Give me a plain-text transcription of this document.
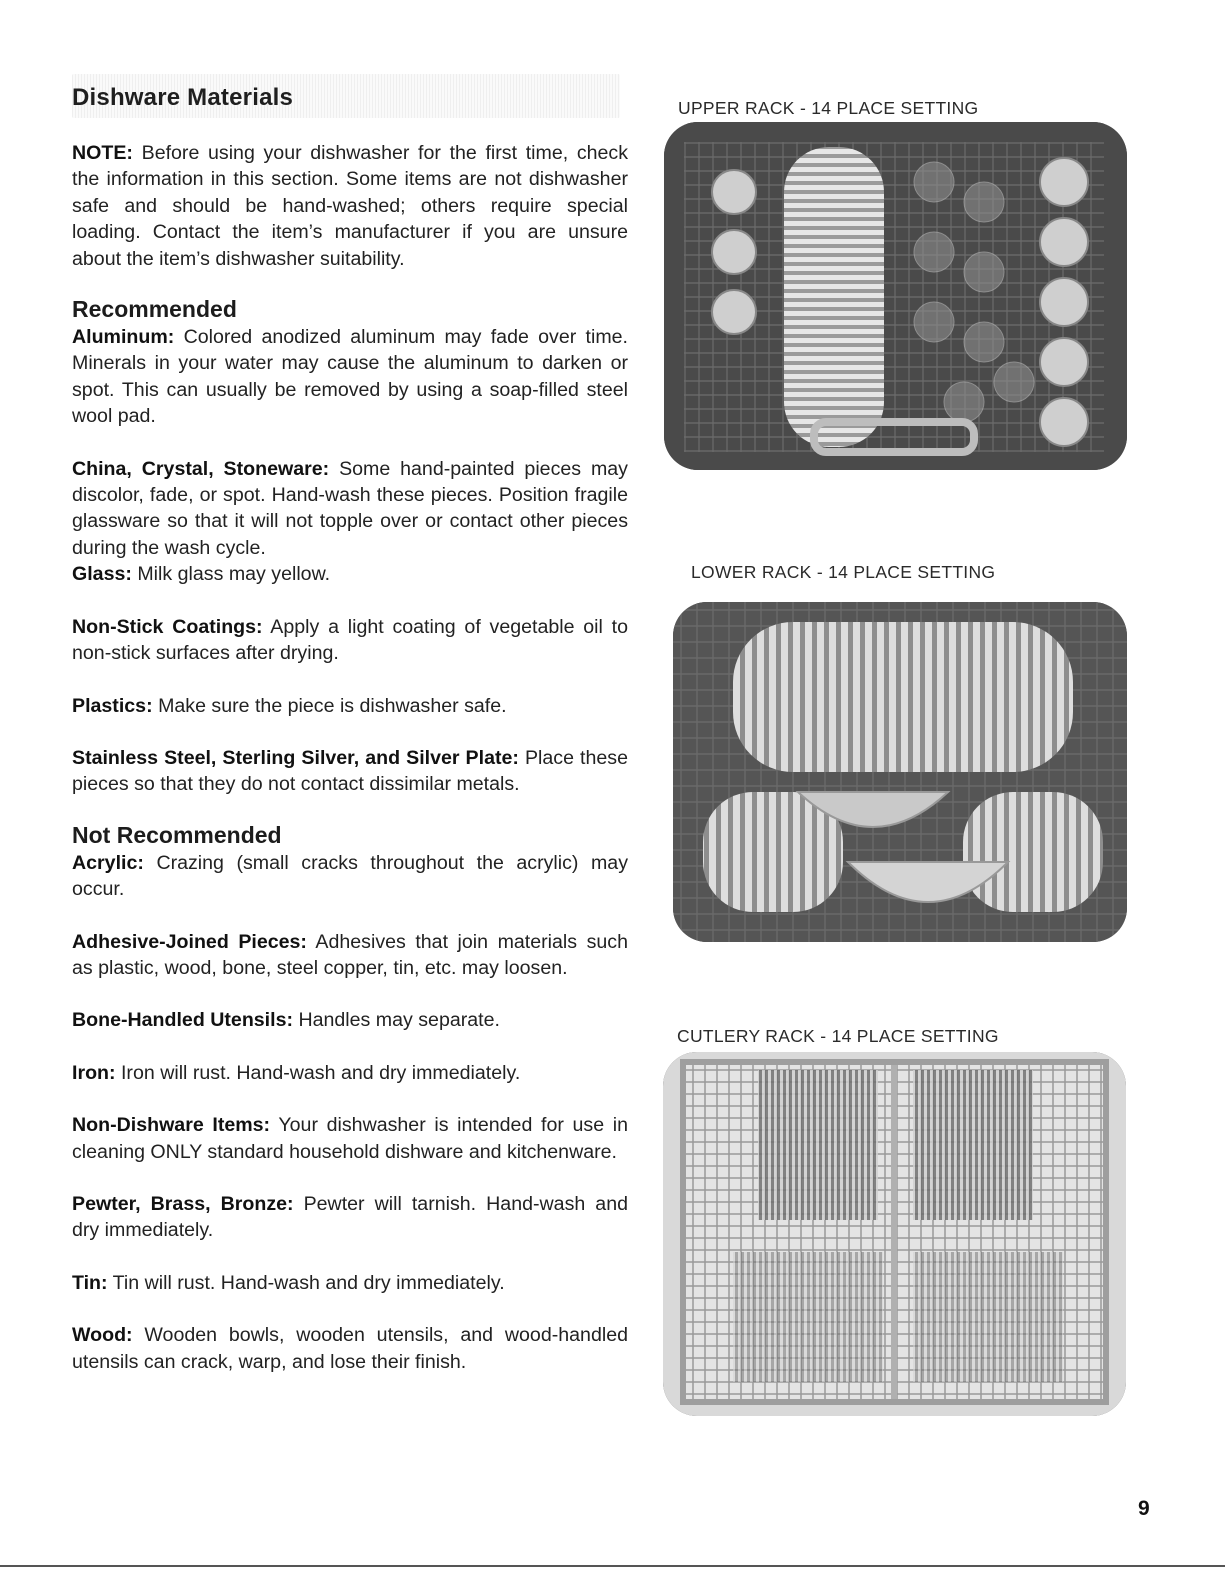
Dishware Materials

NOTE: Before using your dishwasher for the first time, check the information in this section. Some items are not dishwasher safe and should be hand-washed; others require special loading. Contact the item’s manufacturer if you are unsure about the item’s dishwasher suitability.

Recommended

Aluminum: Colored anodized aluminum may fade over time. Minerals in your water may cause the aluminum to darken or spot. This can usually be removed by using a soap-filled steel wool pad.

China, Crystal, Stoneware: Some hand-painted pieces may discolor, fade, or spot. Hand-wash these pieces. Position fragile glassware so that it will not topple over or contact other pieces during the wash cycle.

Glass: Milk glass may yellow.

Non-Stick Coatings: Apply a light coating of vegetable oil to non-stick surfaces after drying.

Plastics: Make sure the piece is dishwasher safe.

Stainless Steel, Sterling Silver, and Silver Plate: Place these pieces so that they do not contact dissimilar metals.

Not Recommended

Acrylic: Crazing (small cracks throughout the acrylic) may occur.

Adhesive-Joined Pieces: Adhesives that join materials such as plastic, wood, bone, steel copper, tin, etc. may loosen.

Bone-Handled Utensils: Handles may separate.

Iron: Iron will rust. Hand-wash and dry immediately.

Non-Dishware Items: Your dishwasher is intended for use in cleaning ONLY standard household dishware and kitchenware.

Pewter, Brass, Bronze: Pewter will tarnish. Hand-wash and dry immediately.

Tin: Tin will rust. Hand-wash and dry immediately.

Wood: Wooden bowls, wooden utensils, and wood-handled utensils can crack, warp, and lose their finish.

UPPER RACK - 14 PLACE SETTING
LOWER RACK - 14 PLACE SETTING
CUTLERY RACK - 14 PLACE SETTING
9
